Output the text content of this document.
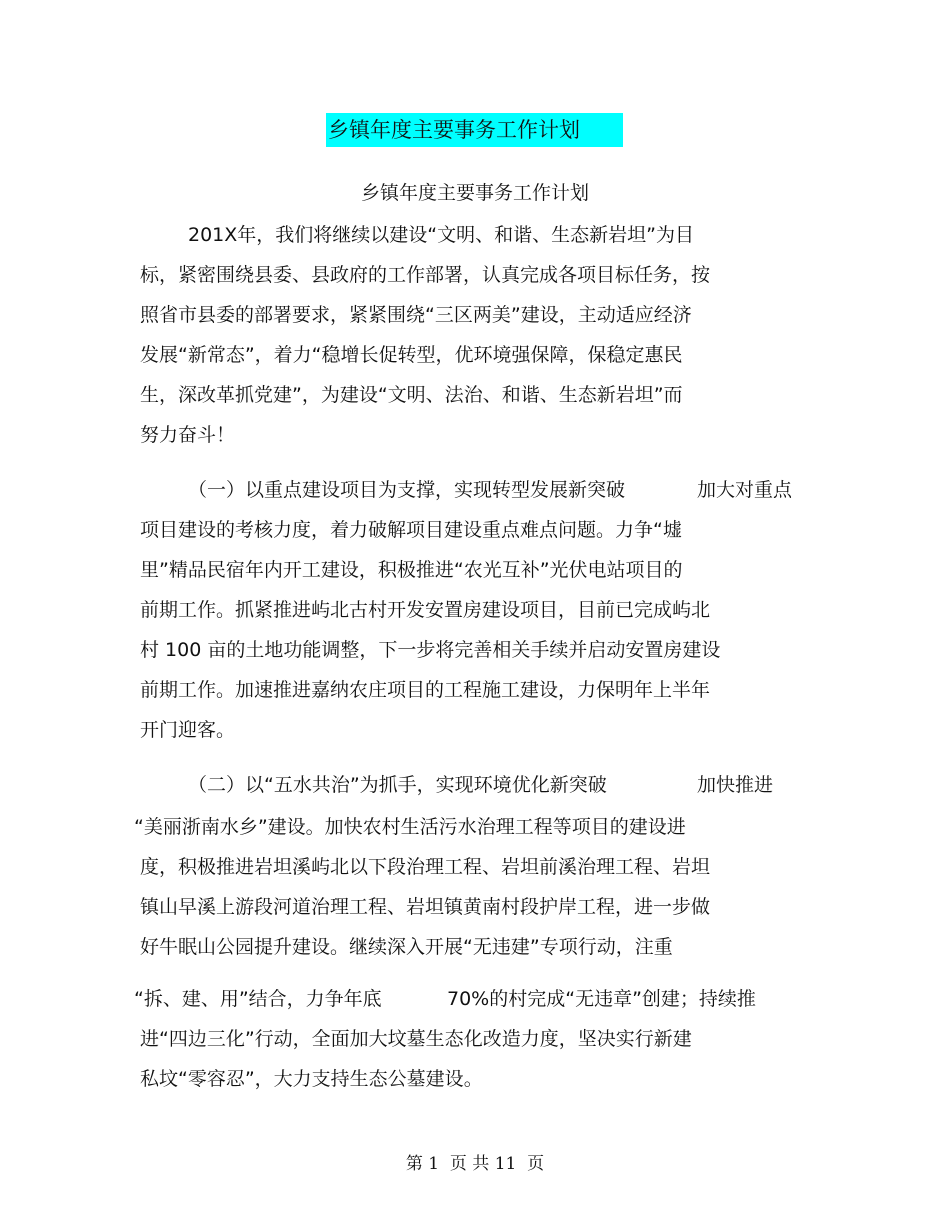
乡镇年度主要事务工作计划
乡镇年度主要事务工作计划
201X年，我们将继续以建设“文明、和谐、生态新岩坦”为目
标，紧密围绕县委、县政府的工作部署，认真完成各项目标任务，按
照省市县委的部署要求，紧紧围绕“三区两美”建设，主动适应经济
发展“新常态”，着力“稳增长促转型，优环境强保障，保稳定惠民
生，深改革抓党建”，为建设“文明、法治、和谐、生态新岩坦”而
努力奋斗！
（一）以重点建设项目为支撑，实现转型发展新突破	加大对重点
项目建设的考核力度，着力破解项目建设重点难点问题。力争“墟
里”精品民宿年内开工建设，积极推进“农光互补”光伏电站项目的
前期工作。抓紧推进屿北古村开发安置房建设项目，目前已完成屿北
村 100 亩的土地功能调整，下一步将完善相关手续并启动安置房建设
前期工作。加速推进嘉纳农庄项目的工程施工建设，力保明年上半年
开门迎客。
（二）以“五水共治”为抓手，实现环境优化新突破	加快推进
“美丽浙南水乡”建设。加快农村生活污水治理工程等项目的建设进
度，积极推进岩坦溪屿北以下段治理工程、岩坦前溪治理工程、岩坦
镇山早溪上游段河道治理工程、岩坦镇黄南村段护岸工程，进一步做
好牛眠山公园提升建设。继续深入开展“无违建”专项行动，注重
“拆、建、用”结合，力争年底	70%的村完成“无违章”创建；持续推
进“四边三化”行动，全面加大坟墓生态化改造力度，坚决实行新建
私坟“零容忍”，大力支持生态公墓建设。
第 1  页 共 11  页
